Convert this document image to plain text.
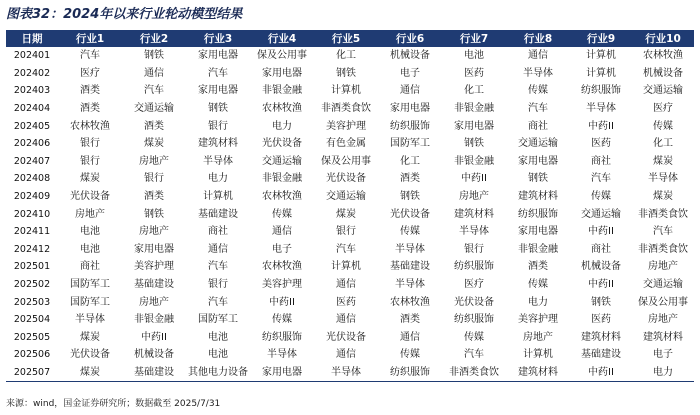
图表32：2024年以来行业轮动模型结果
日期	行业1	行业2	行业3	行业4	行业5	行业6	行业7	行业8	行业9	行业10	
202401	汽车	钢铁	家用电器	保及公用事	化工	机械设备	电池	通信	计算机	农林牧渔	
202402	医疗	通信	汽车	家用电器	钢铁	电子	医药	半导体	计算机	机械设备	
202403	酒类	汽车	家用电器	非银金融	计算机	通信	化工	传媒	纺织服饰	交通运输	
202404	酒类	交通运输	钢铁	农林牧渔	非酒类食饮	家用电器	非银金融	汽车	半导体	医疗	
202405	农林牧渔	酒类	银行	电力	美容护理	纺织服饰	家用电器	商社	中药II	传媒	
202406	银行	煤炭	建筑材料	光伏设备	有色金属	国防军工	钢铁	交通运输	医药	化工	
202407	银行	房地产	半导体	交通运输	保及公用事	化工	非银金融	家用电器	商社	煤炭	
202408	煤炭	银行	电力	非银金融	光伏设备	酒类	中药II	钢铁	汽车	半导体	
202409	光伏设备	酒类	计算机	农林牧渔	交通运输	钢铁	房地产	建筑材料	传媒	煤炭	
202410	房地产	钢铁	基础建设	传媒	煤炭	光伏设备	建筑材料	纺织服饰	交通运输	非酒类食饮	
202411	电池	房地产	商社	通信	银行	传媒	半导体	家用电器	中药II	汽车	
202412	电池	家用电器	通信	电子	汽车	半导体	银行	非银金融	商社	非酒类食饮	
202501	商社	美容护理	汽车	农林牧渔	计算机	基础建设	纺织服饰	酒类	机械设备	房地产	
202502	国防军工	基础建设	银行	美容护理	通信	半导体	医疗	传媒	中药II	交通运输	
202503	国防军工	房地产	汽车	中药II	医药	农林牧渔	光伏设备	电力	钢铁	保及公用事	
202504	半导体	非银金融	国防军工	传媒	通信	酒类	纺织服饰	美容护理	医药	房地产	
202505	煤炭	中药II	电池	纺织服饰	光伏设备	通信	传媒	房地产	建筑材料	建筑材料	
202506	光伏设备	机械设备	电池	半导体	通信	传媒	汽车	计算机	基础建设	电子	
202507	煤炭	基础建设	其他电力设备	家用电器	半导体	纺织服饰	非酒类食饮	建筑材料	中药II	电力	
来源：wind，国金证券研究所；数据截至 2025/7/31
